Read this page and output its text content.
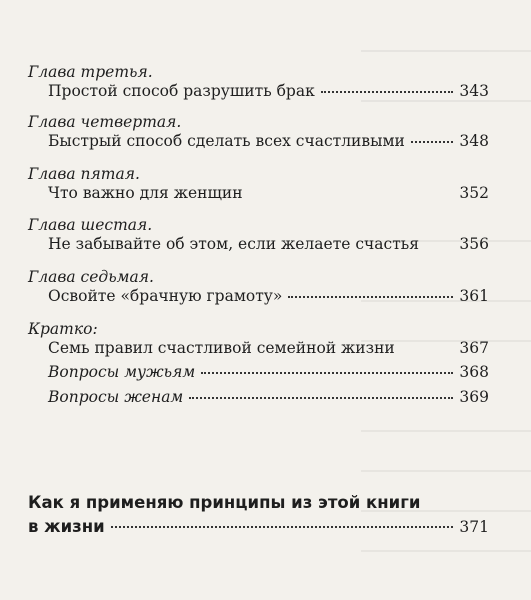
Глава третья.

Простой способ разрушить брак	343

Глава четвертая.

Быстрый способ сделать всех счастливыми	348

Глава пятая.

Что важно для женщин	352

Глава шестая.

Не забывайте об этом, если желаете счастья	356

Глава седьмая.

Освойте «брачную грамоту»	361

Кратко:

Семь правил счастливой семейной жизни	367
Вопросы мужьям	368
Вопросы женам	369
Как я применяю принципы из этой книги
в жизни	371
